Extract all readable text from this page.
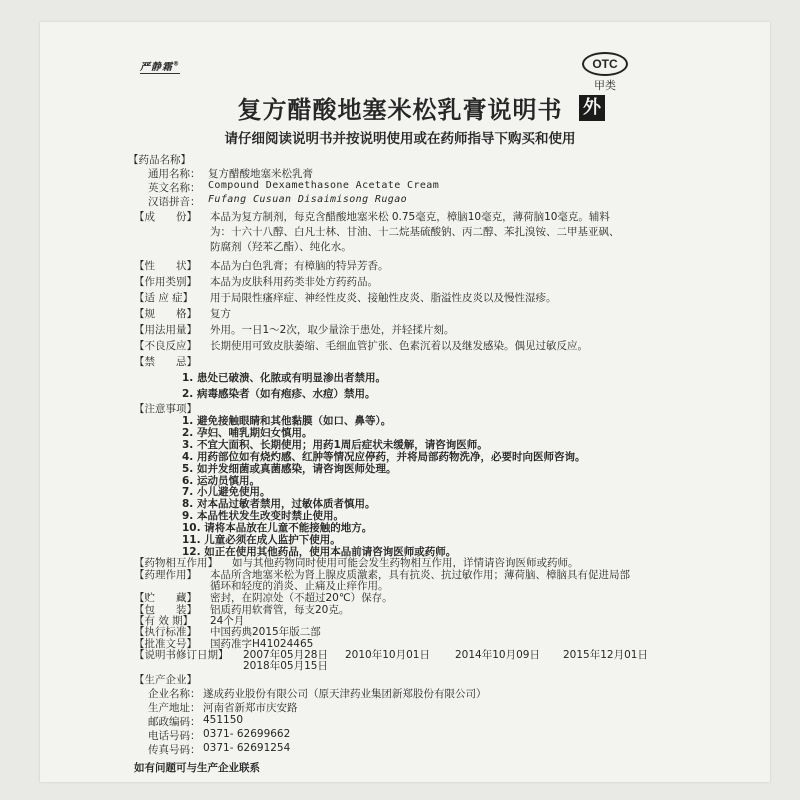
严静霜®	OTC
甲类
外
复方醋酸地塞米松乳膏说明书
请仔细阅读说明书并按说明使用或在药师指导下购买和使用
【药品名称】
通用名称： 复方醋酸地塞米松乳膏
英文名称： Compound Dexamethasone Acetate Cream
汉语拼音： Fufang Cusuan Disaimisong Rugao
【成　　份】 本品为复方制剂，每克含醋酸地塞米松 0.75毫克，樟脑10毫克，薄荷脑10毫克。辅料
为：十六十八醇、白凡士林、甘油、十二烷基硫酸钠、丙二醇、苯扎溴铵、二甲基亚砜、
防腐剂（羟苯乙酯）、纯化水。
【性　　状】 本品为白色乳膏；有樟脑的特异芳香。
【作用类别】 本品为皮肤科用药类非处方药药品。
【适 应 症】 用于局限性瘙痒症、神经性皮炎、接触性皮炎、脂溢性皮炎以及慢性湿疹。
【规　　格】 复方
【用法用量】 外用。一日1～2次，取少量涂于患处，并轻揉片刻。
【不良反应】 长期使用可致皮肤萎缩、毛细血管扩张、色素沉着以及继发感染。偶见过敏反应。
【禁　　忌】
1. 患处已破溃、化脓或有明显渗出者禁用。
2. 病毒感染者（如有疱疹、水痘）禁用。
【注意事项】
1. 避免接触眼睛和其他黏膜（如口、鼻等）。
2. 孕妇、哺乳期妇女慎用。
3. 不宜大面积、长期使用；用药1周后症状未缓解，请咨询医师。
4. 用药部位如有烧灼感、红肿等情况应停药，并将局部药物洗净，必要时向医师咨询。
5. 如并发细菌或真菌感染，请咨询医师处理。
6. 运动员慎用。
7. 小儿避免使用。
8. 对本品过敏者禁用，过敏体质者慎用。
9. 本品性状发生改变时禁止使用。
10. 请将本品放在儿童不能接触的地方。
11. 儿童必须在成人监护下使用。
12. 如正在使用其他药品，使用本品前请咨询医师或药师。
【药物相互作用】 如与其他药物同时使用可能会发生药物相互作用，详情请咨询医师或药师。
【药理作用】 本品所含地塞米松为肾上腺皮质激素，具有抗炎、抗过敏作用；薄荷脑、樟脑具有促进局部
循环和轻度的消炎、止痛及止痒作用。
【贮　　藏】 密封，在阴凉处（不超过20℃）保存。
【包　　装】 铝质药用软膏管，每支20克。
【有 效 期】 24个月
【执行标准】 中国药典2015年版二部
【批准文号】 国药准字H41024465
【说明书修订日期】 2007年05月28日 2010年10月01日 2014年10月09日 2015年12月01日
2018年05月15日
【生产企业】
企业名称： 遂成药业股份有限公司（原天津药业集团新郑股份有限公司）
生产地址： 河南省新郑市庆安路
邮政编码： 451150
电话号码： 0371- 62699662
传真号码： 0371- 62691254
如有问题可与生产企业联系
